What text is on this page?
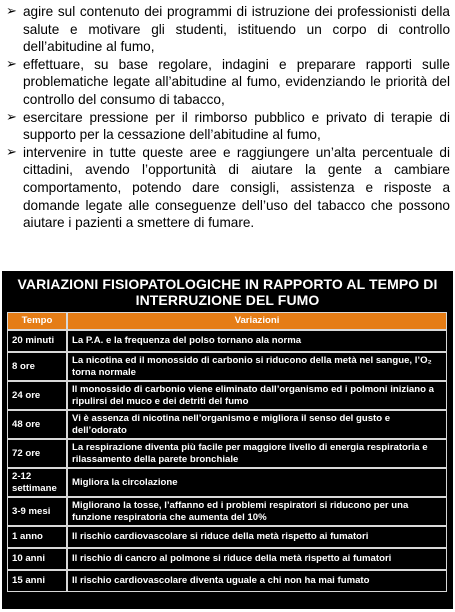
➢ agire sul contenuto dei programmi di istruzione dei professionisti della salute e motivare gli studenti, istituendo un corpo di controllo dell’abitudine al fumo,
➢ effettuare, su base regolare, indagini e preparare rapporti sulle problematiche legate all’abitudine al fumo, evidenziando le priorità del controllo del consumo di tabacco,
➢ esercitare pressione per il rimborso pubblico e privato di terapie di supporto per la cessazione dell’abitudine al fumo,
➢ intervenire in tutte queste aree e raggiungere un’alta percentuale di cittadini, avendo l’opportunità di aiutare la gente a cambiare comportamento, potendo dare consigli, assistenza e risposte a domande legate alle conseguenze dell’uso del tabacco che possono aiutare i pazienti a smettere di fumare.
VARIAZIONI FISIOPATOLOGICHE IN RAPPORTO AL TEMPO DI
INTERRUZIONE DEL FUMO
Tempo	Variazioni
20 minuti	La P.A. e la frequenza del polso tornano ala norma
8 ore	La nicotina ed il monossido di carbonio si riducono della metà nel sangue, l’O₂ torna normale
24 ore	Il monossido di carbonio viene eliminato dall’organismo ed i polmoni iniziano a ripulirsi del muco e dei detriti del fumo
48 ore	Vi è assenza di nicotina nell’organismo e migliora il senso del gusto e dell’odorato
72 ore	La respirazione diventa più facile per maggiore livello di energia respiratoria e rilassamento della parete bronchiale
2-12 settimane	Migliora la circolazione
3-9 mesi	Migliorano la tosse, l’affanno ed i problemi respiratori si riducono per una funzione respiratoria che aumenta del 10%
1 anno	Il rischio cardiovascolare si riduce della metà rispetto ai fumatori
10 anni	Il rischio di cancro al polmone si riduce della metà rispetto ai fumatori
15 anni	Il rischio cardiovascolare diventa uguale a chi non ha mai fumato
